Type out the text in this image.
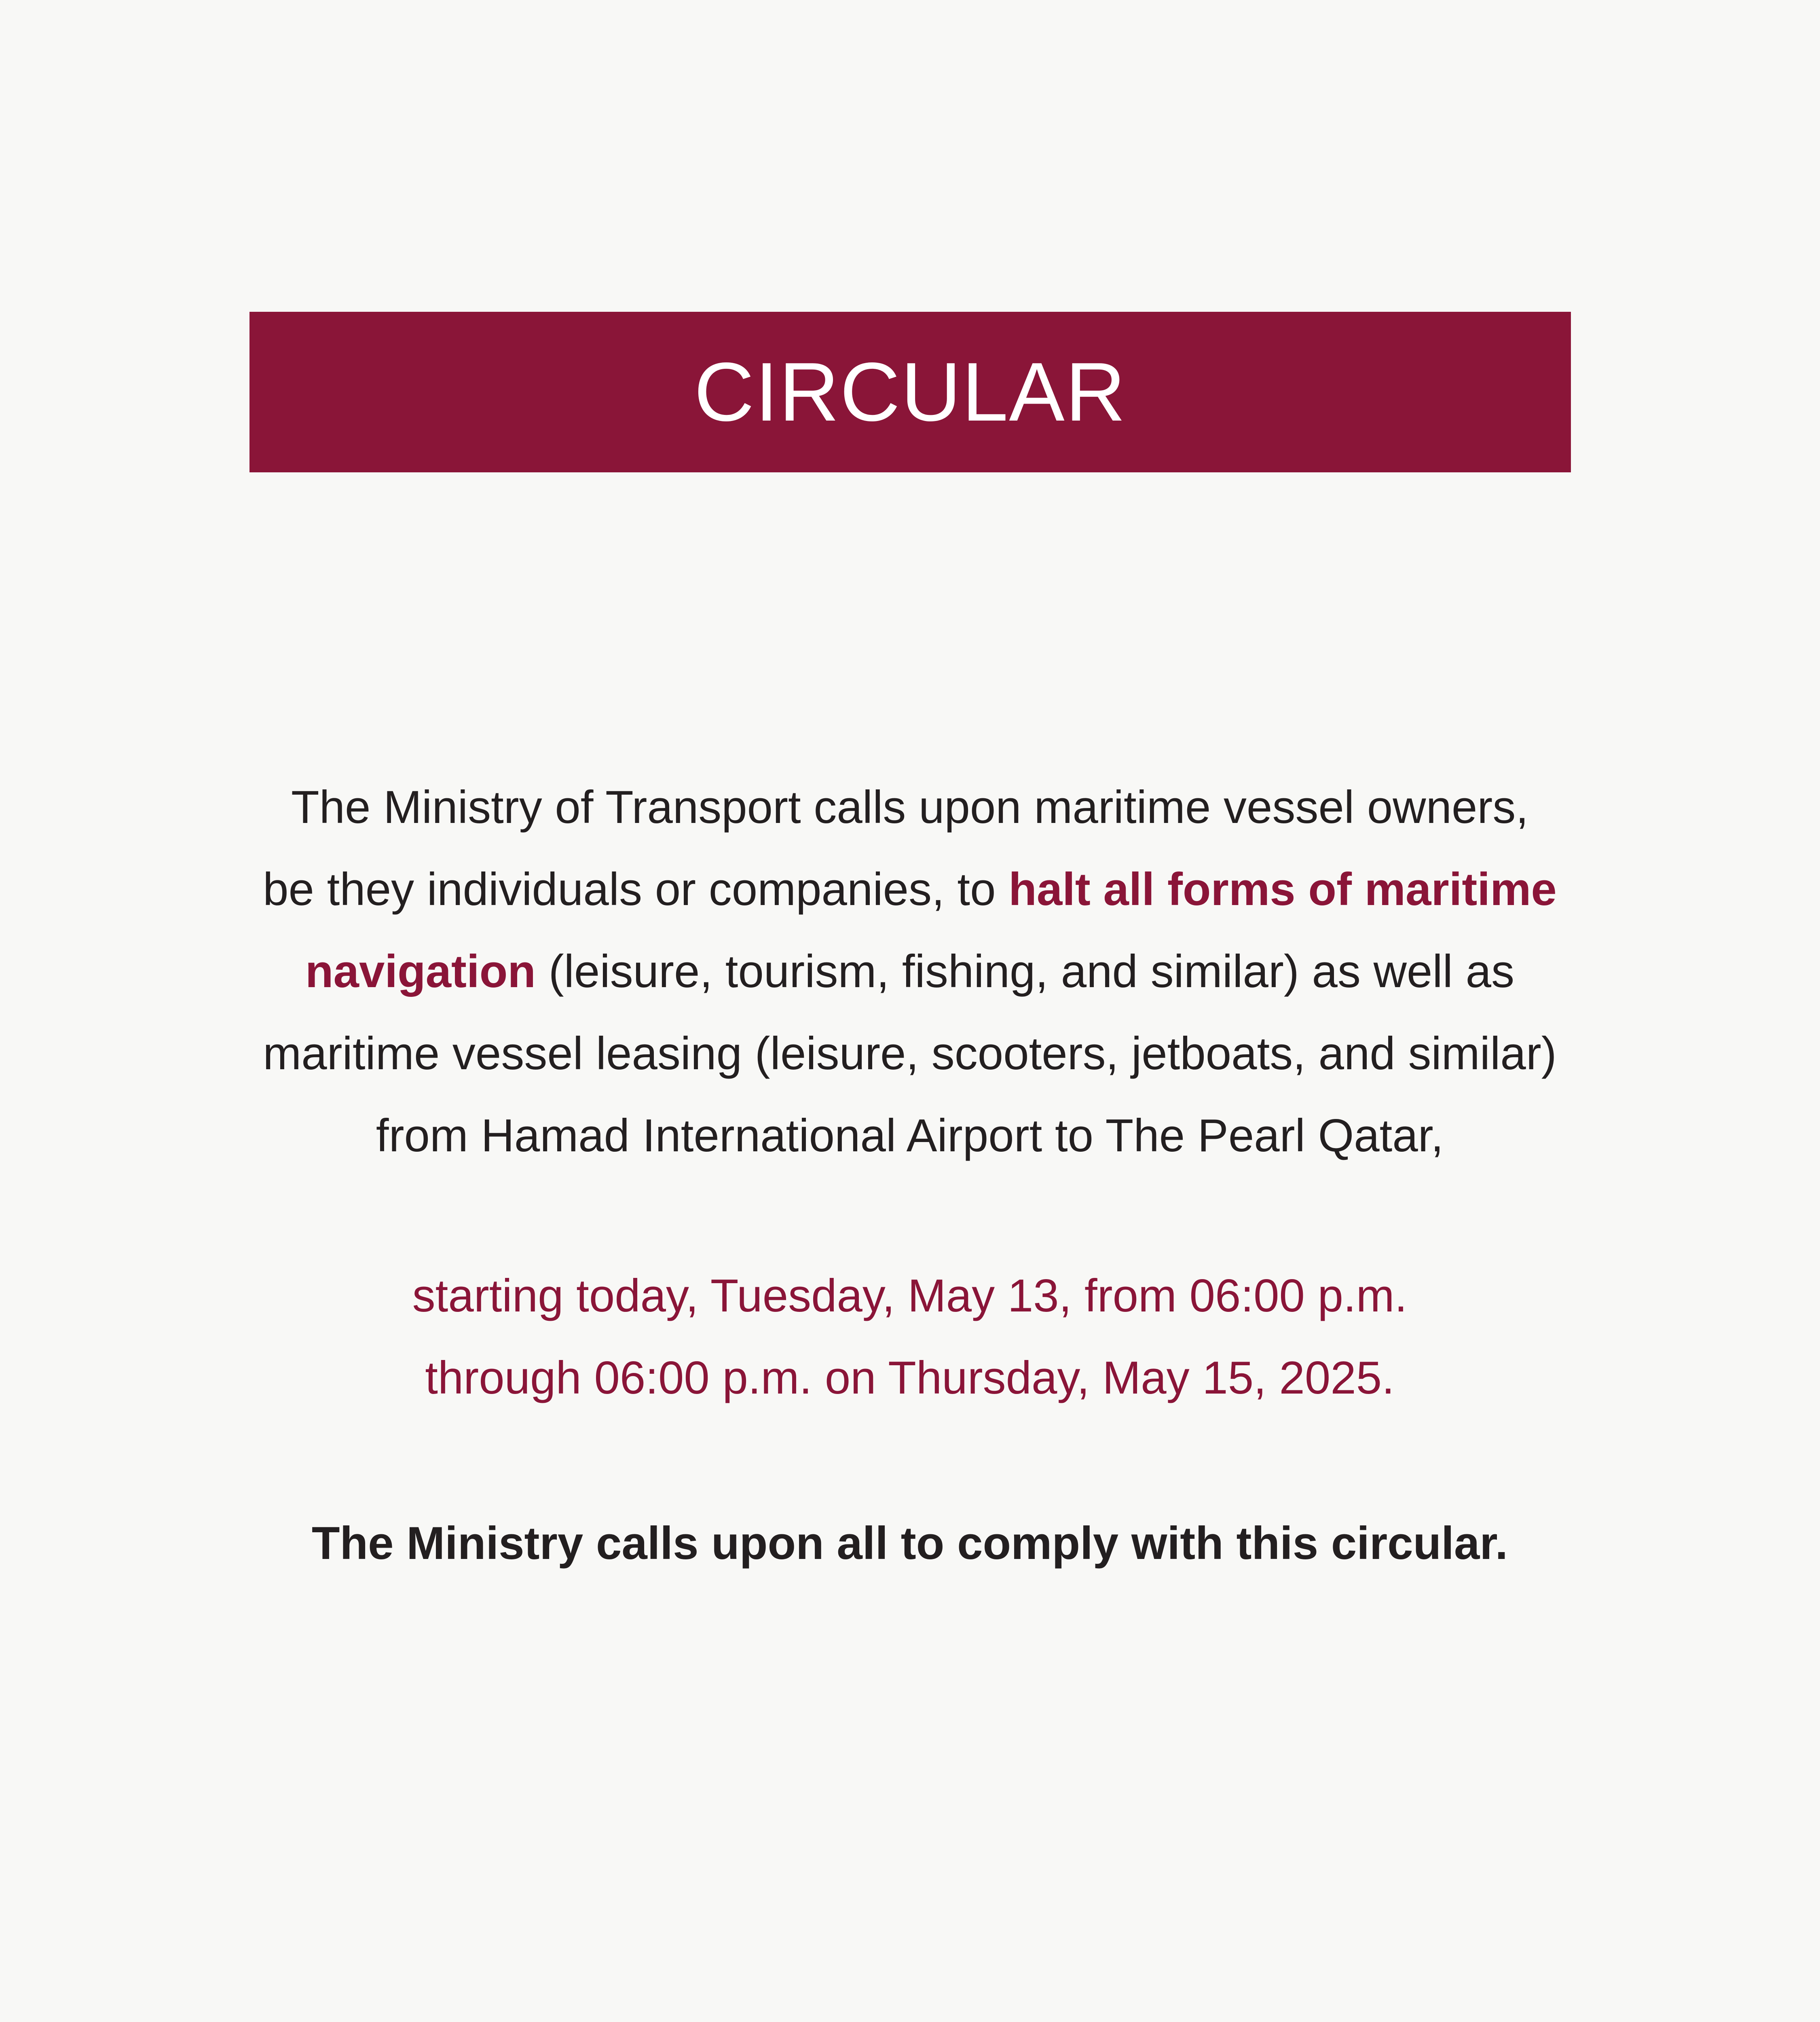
CIRCULAR
The Ministry of Transport calls upon maritime vessel owners,
be they individuals or companies, to halt all forms of maritime
navigation (leisure, tourism, fishing, and similar) as well as
maritime vessel leasing (leisure, scooters, jetboats, and similar)
from Hamad International Airport to The Pearl Qatar,
starting today, Tuesday, May 13, from 06:00 p.m.
through 06:00 p.m. on Thursday, May 15, 2025.
The Ministry calls upon all to comply with this circular.
